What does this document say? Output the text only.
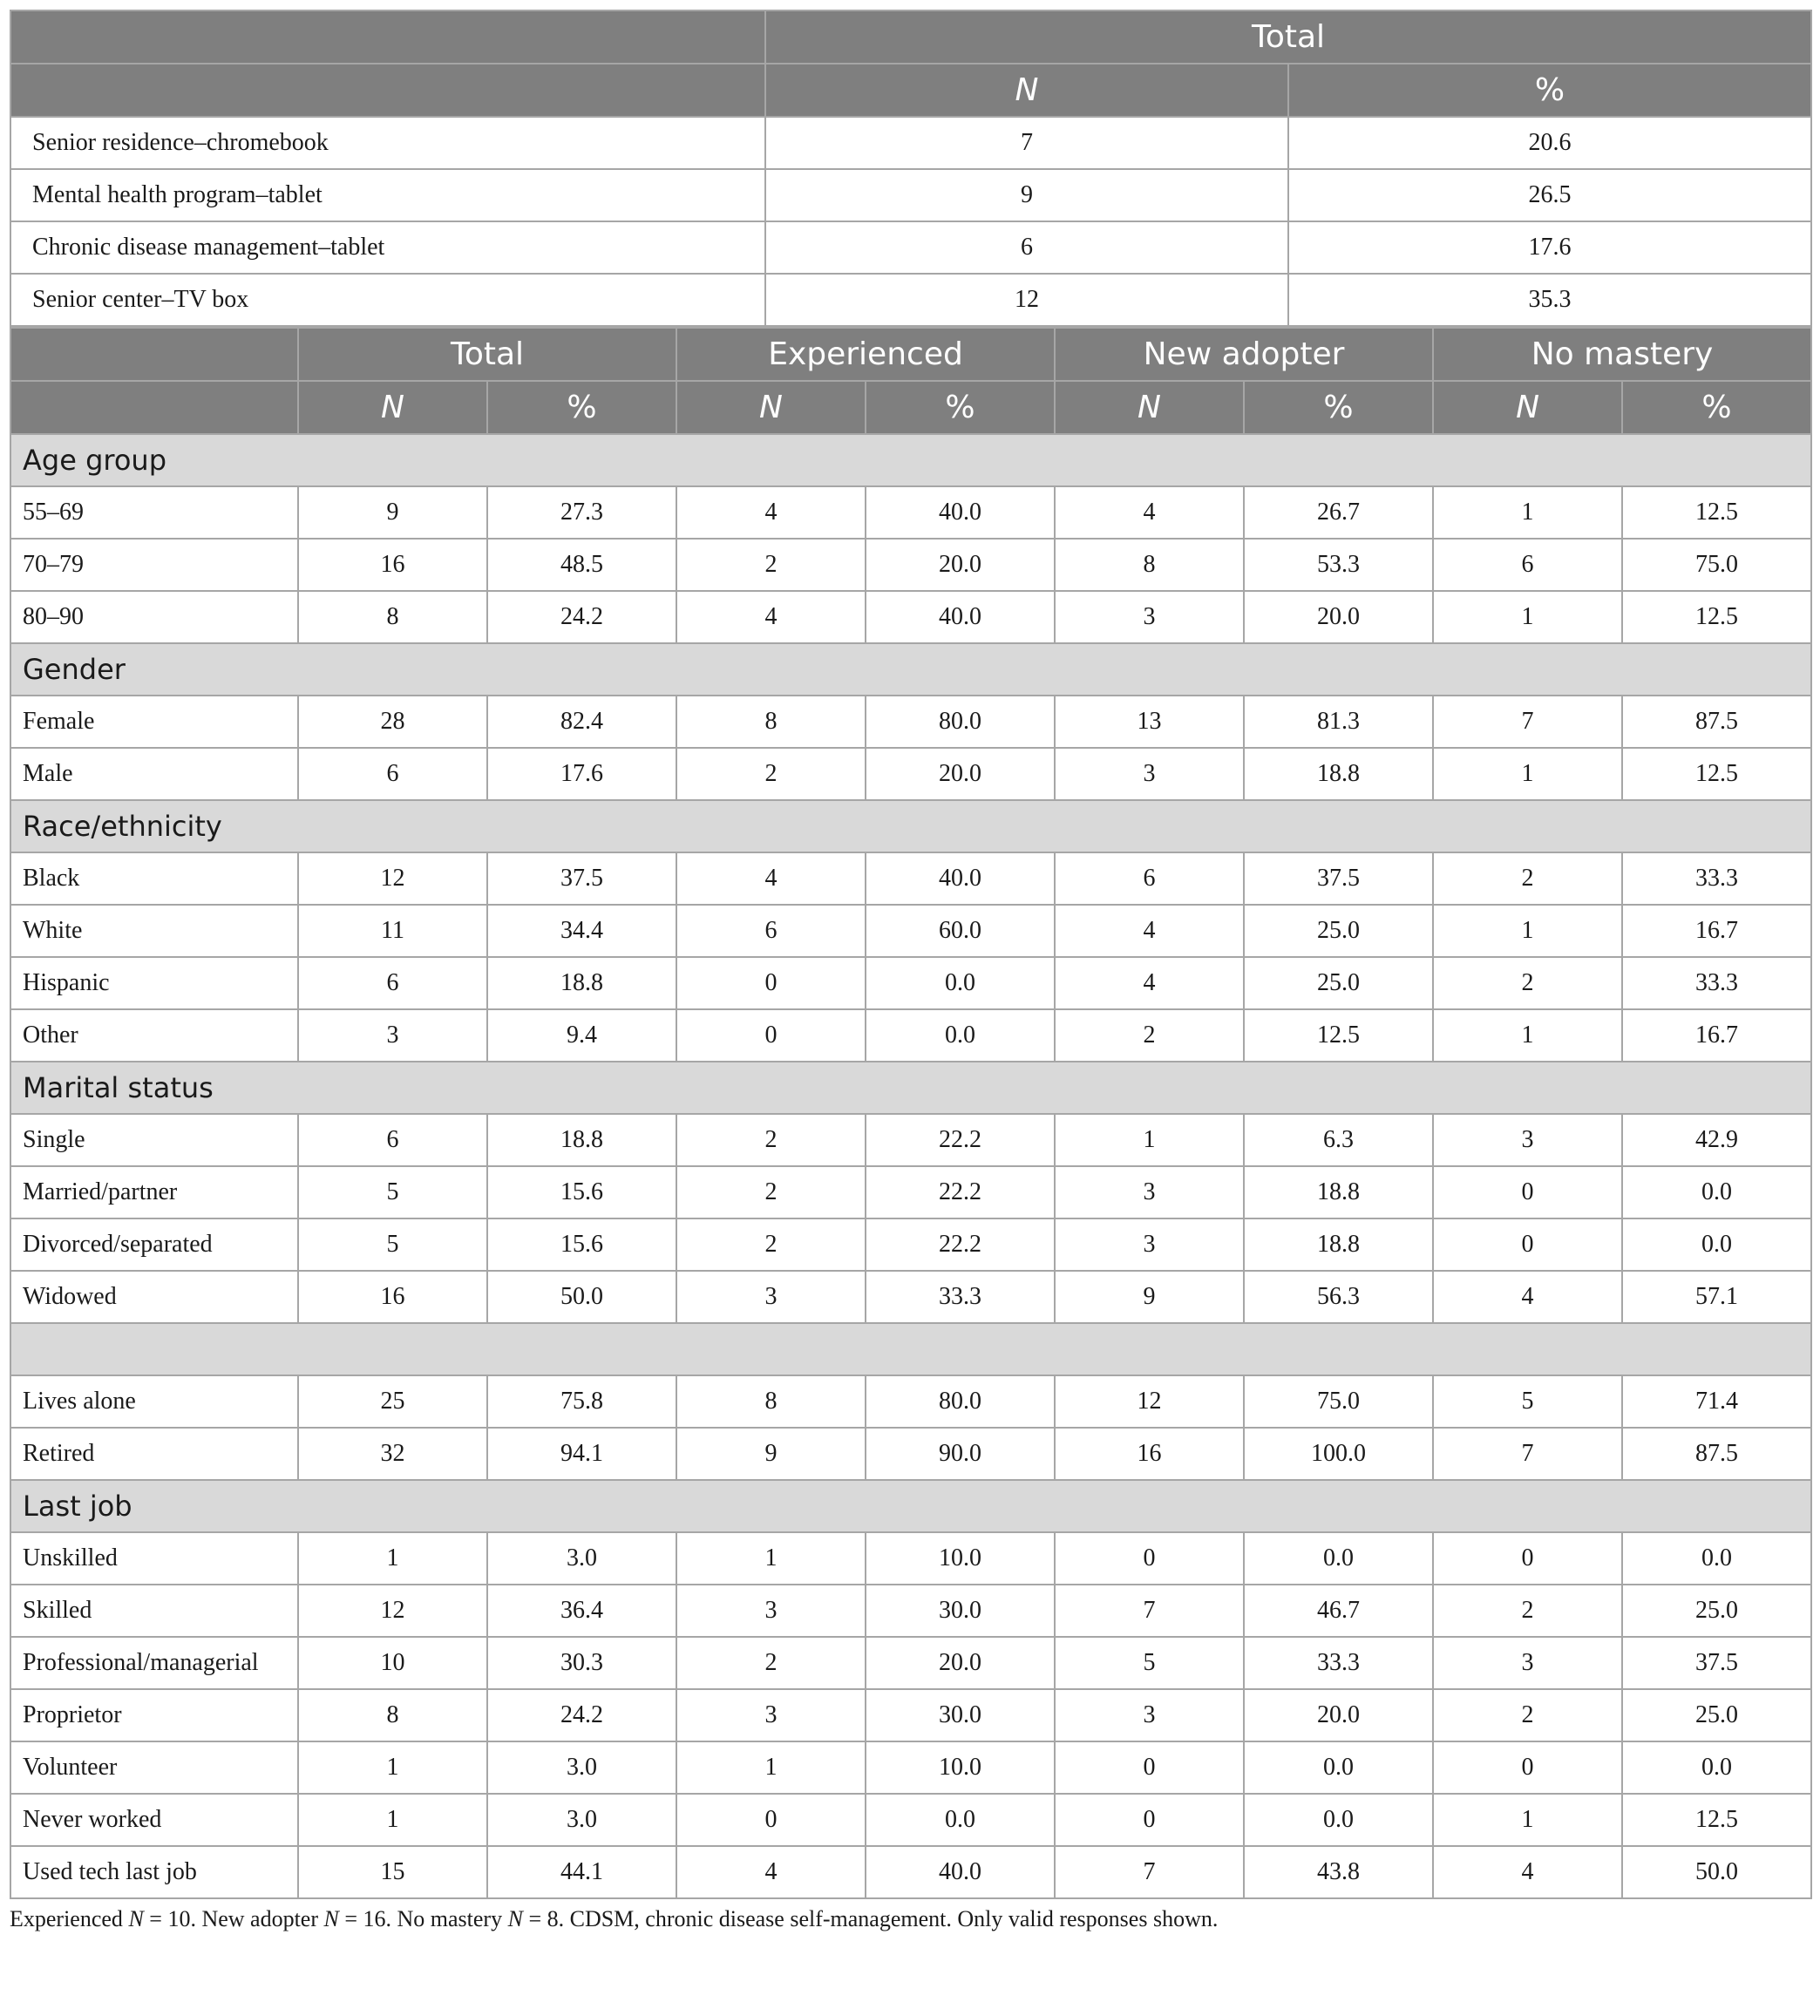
	Total	
	N	%
Senior residence–chromebook	7	20.6
Mental health program–tablet	9	26.5
Chronic disease management–tablet	6	17.6
Senior center–TV box	12	35.3
	Total		Experienced		New adopter		No mastery	
	N	%	N	%	N	%	N	%
Age group								
55–69	9	27.3	4	40.0	4	26.7	1	12.5
70–79	16	48.5	2	20.0	8	53.3	6	75.0
80–90	8	24.2	4	40.0	3	20.0	1	12.5
Gender								
Female	28	82.4	8	80.0	13	81.3	7	87.5
Male	6	17.6	2	20.0	3	18.8	1	12.5
Race/ethnicity								
Black	12	37.5	4	40.0	6	37.5	2	33.3
White	11	34.4	6	60.0	4	25.0	1	16.7
Hispanic	6	18.8	0	0.0	4	25.0	2	33.3
Other	3	9.4	0	0.0	2	12.5	1	16.7
Marital status								
Single	6	18.8	2	22.2	1	6.3	3	42.9
Married/partner	5	15.6	2	22.2	3	18.8	0	0.0
Divorced/separated	5	15.6	2	22.2	3	18.8	0	0.0
Widowed	16	50.0	3	33.3	9	56.3	4	57.1

Lives alone	25	75.8	8	80.0	12	75.0	5	71.4
Retired	32	94.1	9	90.0	16	100.0	7	87.5
Last job								
Unskilled	1	3.0	1	10.0	0	0.0	0	0.0
Skilled	12	36.4	3	30.0	7	46.7	2	25.0
Professional/managerial	10	30.3	2	20.0	5	33.3	3	37.5
Proprietor	8	24.2	3	30.0	3	20.0	2	25.0
Volunteer	1	3.0	1	10.0	0	0.0	0	0.0
Never worked	1	3.0	0	0.0	0	0.0	1	12.5
Used tech last job	15	44.1	4	40.0	7	43.8	4	50.0
Experienced N = 10. New adopter N = 16. No mastery N = 8. CDSM, chronic disease self-management. Only valid responses shown.
